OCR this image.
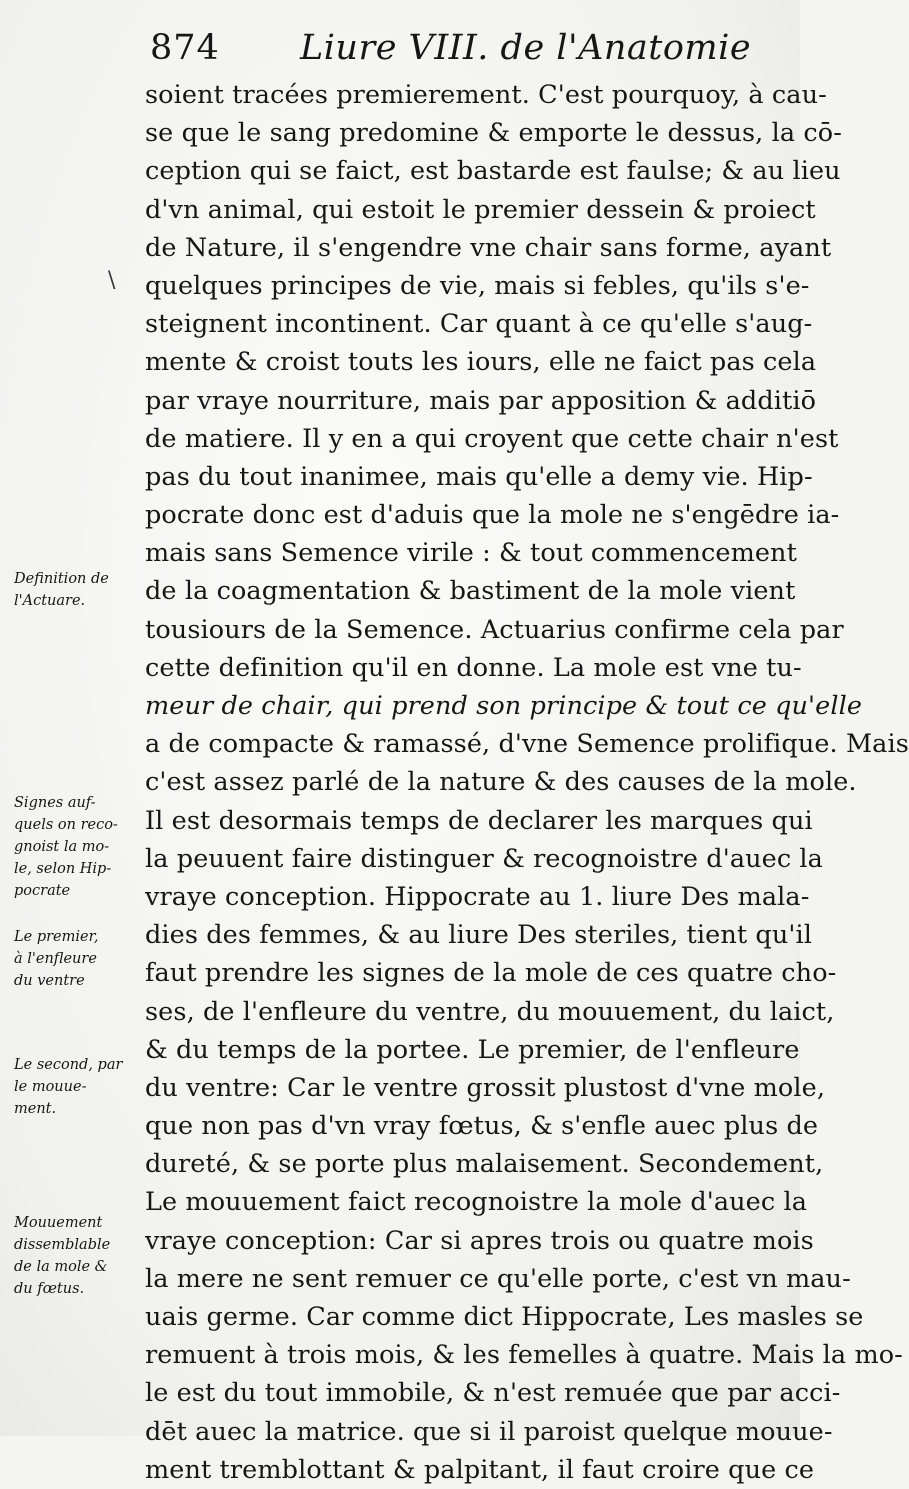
874 Liure VIII. de l'Anatomie
\
soient tracées premierement. C'est pourquoy, à cau-
se que le sang predomine & emporte le dessus, la cō-
ception qui se faict, est bastarde est faulse; & au lieu
d'vn animal, qui estoit le premier dessein & proiect
de Nature, il s'engendre vne chair sans forme, ayant
quelques principes de vie, mais si febles, qu'ils s'e-
steignent incontinent. Car quant à ce qu'elle s'aug-
mente & croist touts les iours, elle ne faict pas cela
par vraye nourriture, mais par apposition & additiō
de matiere. Il y en a qui croyent que cette chair n'est
pas du tout inanimee, mais qu'elle a demy vie. Hip-
pocrate donc est d'aduis que la mole ne s'engēdre ia-
mais sans Semence virile : & tout commencement
de la coagmentation & bastiment de la mole vient
tousiours de la Semence. Actuarius confirme cela par
cette definition qu'il en donne. La mole est vne tu-
meur de chair, qui prend son principe & tout ce qu'elle
a de compacte & ramassé, d'vne Semence prolifique. Mais
c'est assez parlé de la nature & des causes de la mole.
Il est desormais temps de declarer les marques qui
la peuuent faire distinguer & recognoistre d'auec la
vraye conception. Hippocrate au 1. liure Des mala-
dies des femmes, & au liure Des steriles, tient qu'il
faut prendre les signes de la mole de ces quatre cho-
ses, de l'enfleure du ventre, du mouuement, du laict,
& du temps de la portee. Le premier, de l'enfleure
du ventre: Car le ventre grossit plustost d'vne mole,
que non pas d'vn vray fœtus, & s'enfle auec plus de
dureté, & se porte plus malaisement. Secondement,
Le mouuement faict recognoistre la mole d'auec la
vraye conception: Car si apres trois ou quatre mois
la mere ne sent remuer ce qu'elle porte, c'est vn mau-
uais germe. Car comme dict Hippocrate, Les masles se
remuent à trois mois, & les femelles à quatre. Mais la mo-
le est du tout immobile, & n'est remuée que par acci-
dēt auec la matrice. que si il paroist quelque mouue-
ment tremblottant & palpitant, il faut croire que ce
Definition de
l'Actuare.
Signes auf-
quels on reco-
gnoist la mo-
le, selon Hip-
pocrate
Le premier,
à l'enfleure
du ventre
Le second, par
le mouue-
ment.
Mouuement
dissemblable
de la mole &
du fœtus.
